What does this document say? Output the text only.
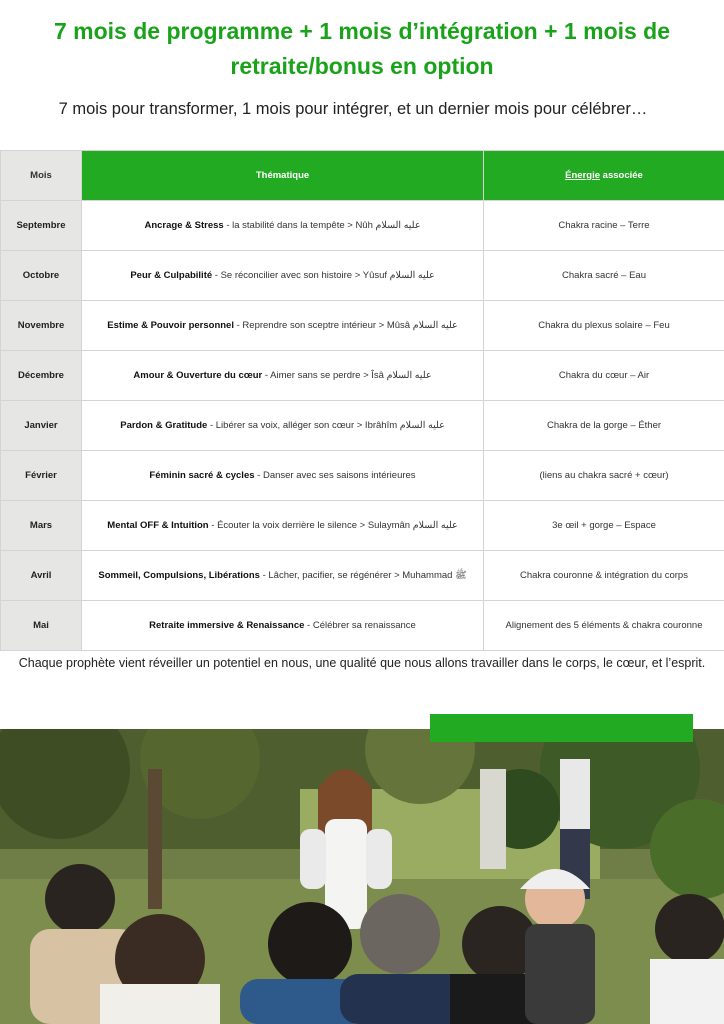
7 mois de programme + 1 mois d’intégration + 1 mois de
retraite/bonus en option
7 mois pour transformer, 1 mois pour intégrer, et un dernier mois pour célébrer…
Mois	Thématique	Énergie associée
Septembre	Ancrage & Stress - la stabilité dans la tempête > Nûh عليه السلام	Chakra racine – Terre
Octobre	Peur & Culpabilité - Se réconcilier avec son histoire > Yûsuf عليه السلام	Chakra sacré – Eau
Novembre	Estime & Pouvoir personnel - Reprendre son sceptre intérieur > Mûsâ عليه السلام	Chakra du plexus solaire – Feu
Décembre	Amour & Ouverture du cœur - Aimer sans se perdre > Îsâ عليه السلام	Chakra du cœur – Air
Janvier	Pardon & Gratitude - Libérer sa voix, alléger son cœur > Ibrâhîm عليه السلام	Chakra de la gorge – Éther
Février	Féminin sacré & cycles - Danser avec ses saisons intérieures	(liens au chakra sacré + cœur)
Mars	Mental OFF & Intuition - Écouter la voix derrière le silence > Sulaymân عليه السلام	3e œil + gorge – Espace
Avril	Sommeil, Compulsions, Libérations - Lâcher, pacifier, se régénérer > Muhammad ﷺ	Chakra couronne & intégration du corps
Mai	Retraite immersive & Renaissance - Célébrer sa renaissance	Alignement des 5 éléments & chakra couronne
Chaque prophète vient réveiller un potentiel en nous, une qualité que nous allons travailler dans le corps, le cœur, et l’esprit.
